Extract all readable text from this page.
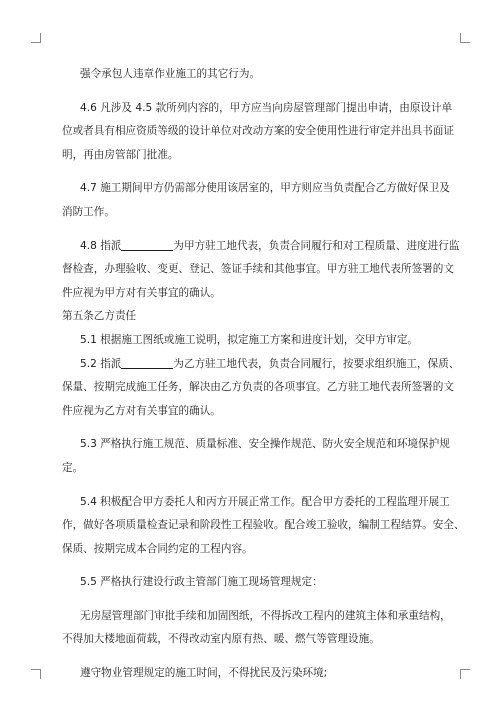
强令承包人违章作业施工的其它行为。

4.6 凡涉及 4.5 款所列内容的，甲方应当向房屋管理部门提出申请，由原设计单

位或者具有相应资质等级的设计单位对改动方案的安全使用性进行审定并出具书面证

明，再由房管部门批准。

4.7 施工期间甲方仍需部分使用该居室的，甲方则应当负责配合乙方做好保卫及

消防工作。

4.8 指派	为甲方驻工地代表，负责合同履行和对工程质量、进度进行监

督检查，办理验收、变更、登记、签证手续和其他事宜。甲方驻工地代表所签署的文

件应视为甲方对有关事宜的确认。

第五条乙方责任

5.1 根据施工图纸或施工说明，拟定施工方案和进度计划，交甲方审定。

5.2 指派	为乙方驻工地代表，负责合同履行，按要求组织施工，保质、

保量、按期完成施工任务，解决由乙方负责的各项事宜。乙方驻工地代表所签署的文

件应视为乙方对有关事宜的确认。

5.3 严格执行施工规范、质量标准、安全操作规范、防火安全规范和环境保护规

定。

5.4 积极配合甲方委托人和丙方开展正常工作。配合甲方委托的工程监理开展工

作，做好各项质量检查记录和阶段性工程验收。配合竣工验收，编制工程结算。安全、

保质、按期完成本合同约定的工程内容。

5.5 严格执行建设行政主管部门施工现场管理规定：

无房屋管理部门审批手续和加固图纸，不得拆改工程内的建筑主体和承重结构，

不得加大楼地面荷载，不得改动室内原有热、暖、燃气等管理设施。

遵守物业管理规定的施工时间，不得扰民及污染环境;
